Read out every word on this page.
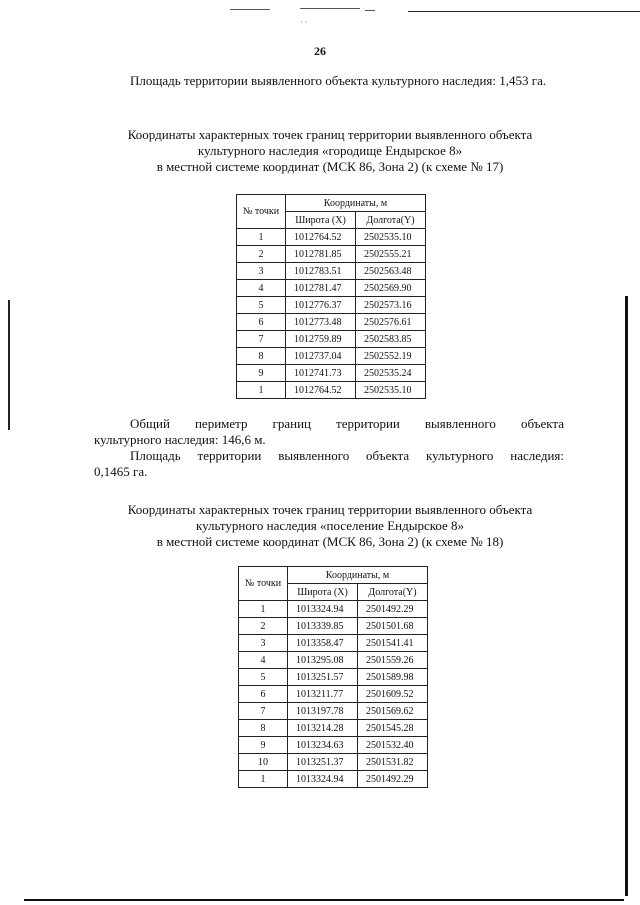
· ·
26
Площадь территории выявленного объекта культурного наследия: 1,453 га.
Координаты характерных точек границ территории выявленного объекта
культурного наследия «городище Ендырское 8»
в местной системе координат (МСК 86, Зона 2) (к схеме № 17)
№ точки	Координаты, м	
	Широта (X)	Долгота(Y)
1	1012764.52	2502535.10
2	1012781.85	2502555.21
3	1012783.51	2502563.48
4	1012781.47	2502569.90
5	1012776.37	2502573.16
6	1012773.48	2502576.61
7	1012759.89	2502583.85
8	1012737.04	2502552.19
9	1012741.73	2502535.24
1	1012764.52	2502535.10
Общий периметр границ территории выявленного объекта
культурного наследия: 146,6 м.
Площадь территории выявленного объекта культурного наследия:
0,1465 га.
Координаты характерных точек границ территории выявленного объекта
культурного наследия «поселение Ендырское 8»
в местной системе координат (МСК 86, Зона 2) (к схеме № 18)
№ точки	Координаты, м	
	Широта (X)	Долгота(Y)
1	1013324.94	2501492.29
2	1013339.85	2501501.68
3	1013358.47	2501541.41
4	1013295.08	2501559.26
5	1013251.57	2501589.98
6	1013211.77	2501609.52
7	1013197.78	2501569.62
8	1013214.28	2501545.28
9	1013234.63	2501532.40
10	1013251.37	2501531.82
1	1013324.94	2501492.29
